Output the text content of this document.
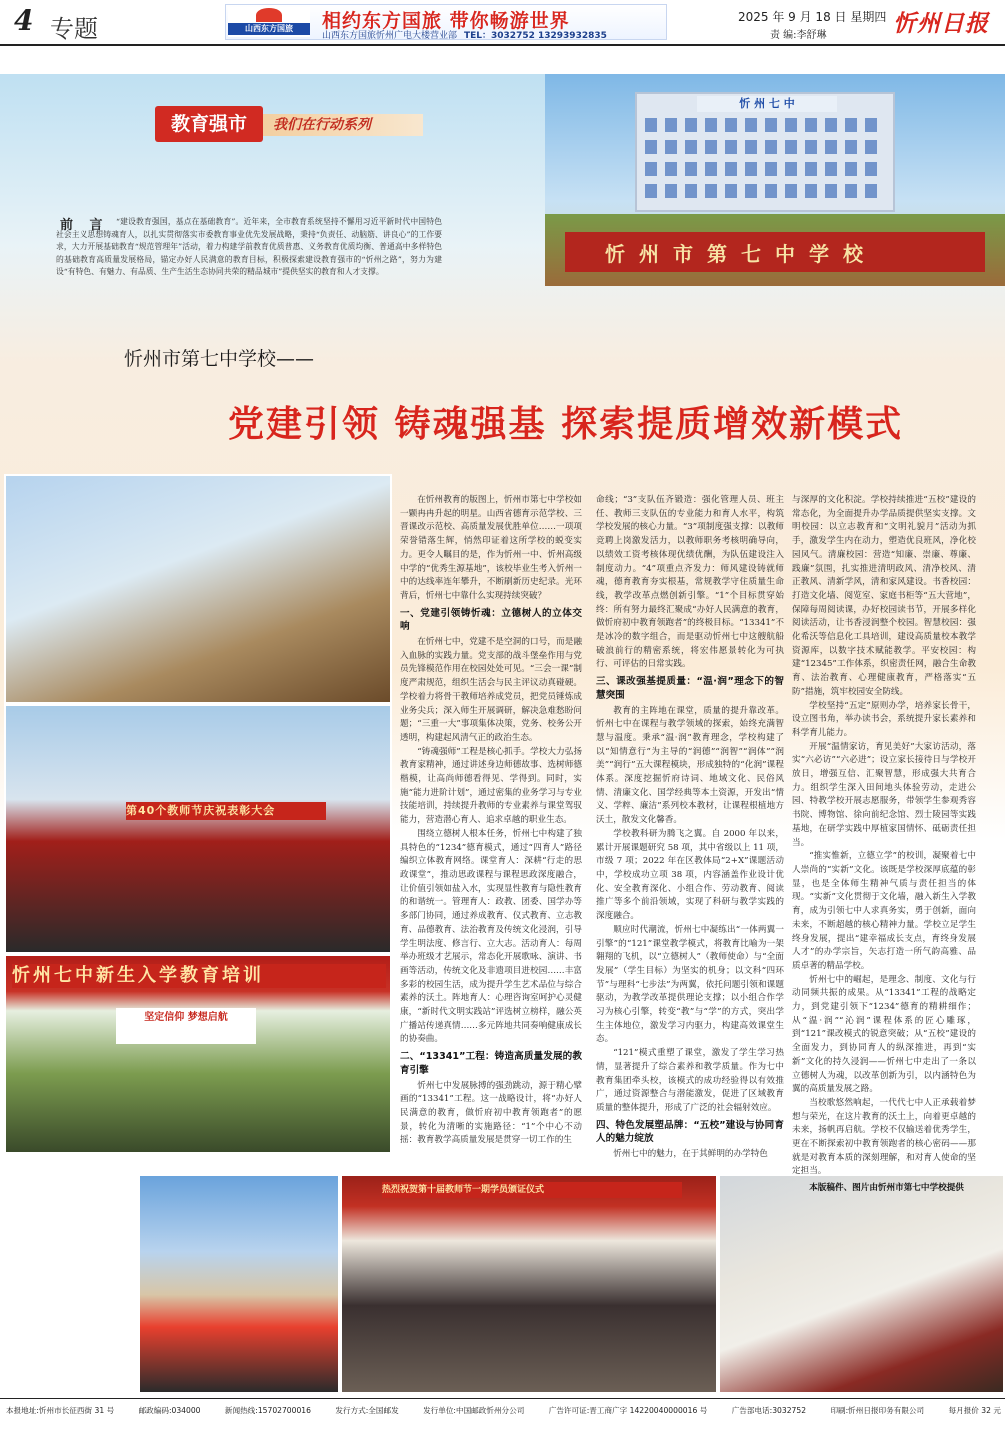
4 专题	山西东方国旅	相约东方国旅 带你畅游世界
山西东方国旅忻州广电大楼营业部 TEL：3032752 13293932835
2025 年 9 月 18 日 星期四
责 编:李舒琳	忻州日报
忻 州 七 中
忻州市第七中学校
教育强市	我们在行动系列
“建设教育强国，基点在基础教育”。近年来，全市教育系统坚持不懈用习近平新时代中国特色社会主义思想铸魂育人，以扎实贯彻落实市委教育事业优先发展战略，秉持“负责任、动脑筋、讲良心”的工作要求，大力开展基础教育“规范管理年”活动，着力构建学前教育优质普惠、义务教育优质均衡、普通高中多样特色的基础教育高质量发展格局，锚定办好人民满意的教育目标，积极探索建设教育强市的“忻州之路”，努力为建设“有特色、有魅力、有品质、生产生活生态协同共荣的精品城市”提供坚实的教育和人才支撑。
前 言
忻州市第七中学校——
党建引领 铸魂强基 探索提质增效新模式
第40个教师节庆祝表彰大会
忻州七中新生入学教育培训
坚定信仰 梦想启航
热烈祝贺第十届教师节一期学员颁证仪式

在忻州教育的版图上，忻州市第七中学校如一颗冉冉升起的明星。山西省德育示范学校、三晋课改示范校、高质量发展优胜单位……一项项荣誉错落生辉，悄然印证着这所学校的蜕变实力。更令人瞩目的是，作为忻州一中、忻州高级中学的“优秀生源基地”，该校毕业生考入忻州一中的达线率连年攀升，不断刷新历史纪录。光环背后，忻州七中靠什么实现持续突破？

一、党建引领铸忻魂：立德树人的立体交响

在忻州七中，党建不是空洞的口号，而是融入血脉的实践力量。党支部的战斗堡垒作用与党员先锋模范作用在校园处处可见。“三会一课”制度严肃规范，组织生活会与民主评议动真碰硬。学校着力将骨干教师培养成党员，把党员锤炼成业务尖兵；深入师生开展调研，解决急难愁盼问题；“三重一大”事项集体决策，党务、校务公开透明，构建起风清气正的政治生态。

“铸魂强师”工程是核心抓手。学校大力弘扬教育家精神，通过讲述身边师德故事、选树师德楷模，让高尚师德看得见、学得到。同时，实施“能力进阶计划”，通过密集的业务学习与专业技能培训，持续提升教师的专业素养与课堂驾驭能力，营造潜心育人、追求卓越的职业生态。

围绕立德树人根本任务，忻州七中构建了独具特色的“1234”德育模式，通过“四育人”路径编织立体教育网络。课堂育人：深耕“行走的思政课堂”，推动思政课程与课程思政深度融合，让价值引领如盐入水，实现显性教育与隐性教育的和谐统一。管理育人：政教、团委、国学办等多部门协同，通过养成教育、仪式教育、立志教育、品德教育、法治教育及传统文化浸润，引导学生明法度、修言行、立大志。活动育人：每周举办班级才艺展示，常态化开展歌咏、演讲、书画等活动，传统文化及非遗项目进校园……丰富多彩的校园生活，成为提升学生艺术品位与综合素养的沃土。阵地育人：心理咨询室呵护心灵健康，“新时代文明实践站”评选树立榜样，融公英广播站传递真情……多元阵地共同奏响健康成长的协奏曲。

二、“13341”工程：铸造高质量发展的教育引擎

忻州七中发展脉搏的强劲跳动，源于精心擘画的“13341”工程。这一战略设计，将“办好人民满意的教育，做忻府初中教育领跑者”的愿景，转化为清晰的实施路径：“1”个中心不动摇：教育教学高质量发展是贯穿一切工作的生

命线；“3”支队伍齐锻造：强化管理人员、班主任、教师三支队伍的专业能力和育人水平，构筑学校发展的核心力量。“3”项制度强支撑：以教师竞聘上岗激发活力，以教师职务考核明确导向，以绩效工资考核体现优绩优酬，为队伍建设注入制度动力。“4”项重点齐发力：师风建设铸就师魂，德育教育夯实根基，常规教学守住质量生命线，教学改革点燃创新引擎。“1”个目标贯穿始终：所有努力最终汇聚成“办好人民满意的教育，做忻府初中教育领跑者”的终极目标。“13341”不是冰冷的数字组合，而是驱动忻州七中这艘航船破浪前行的精密系统，将宏伟愿景转化为可执行、可评估的日常实践。

三、课改强基提质量：“温·润”理念下的智慧突围

教育的主阵地在课堂，质量的提升靠改革。忻州七中在课程与教学领域的探索，始终充满智慧与温度。秉承“温·润”教育理念，学校构建了以“知情意行”为主导的“润德”“润智”“润体”“润美”“润行”五大课程模块，形成独特的“化润”课程体系。深度挖掘忻府诗词、地域文化、民俗风情、清廉文化、国学经典等本土资源，开发出“情义、学粹、廉洁”系列校本教材，让课程根植地方沃土，散发文化馨香。

学校教科研为腾飞之翼。自 2000 年以来，累计开展课题研究 58 项，其中省级以上 11 项，市级 7 项；2022 年在区教体局“2+X”课题活动中，学校成功立项 38 项，内容涵盖作业设计优化、安全教育深化、小组合作、劳动教育、阅读推广等多个前沿领域，实现了科研与教学实践的深度融合。

顺应时代潮流，忻州七中凝练出“一体两翼一引擎”的“121”课堂教学模式，将教育比喻为一架翱翔的飞机，以“立德树人”（教师使命）与“全面发展”（学生目标）为坚实的机身；以文科“四环节”与理科“七步法”为两翼，依托问题引领和课题驱动，为教学改革提供理论支撑；以小组合作学习为核心引擎，转变“教”与“学”的方式，突出学生主体地位，激发学习内驱力，构建高效课堂生态。

“121”模式重塑了课堂，激发了学生学习热情，显著提升了综合素养和教学质量。作为七中教育集团牵头校，该模式的成功经验得以有效推广，通过资源整合与潜能激发，促进了区域教育质量的整体提升，形成了广泛的社会辐射效应。

四、特色发展塑品牌：“五校”建设与协同育人的魅力绽放

忻州七中的魅力，在于其鲜明的办学特色

与深厚的文化积淀。学校持续推进“五校”建设的常态化，为全面提升办学品质提供坚实支撑。文明校园：以立志教育和“文明礼貌月”活动为抓手，激发学生内在动力，塑造优良班风，净化校园风气。清廉校园：营造“知廉、崇廉、尊廉、践廉”氛围，扎实推进清明政风、清净校风、清正教风、清新学风，清和家风建设。书香校园：打造文化墙、阅览室、家庭书柜等“五大营地”，保障每周阅读课，办好校园读书节，开展多样化阅读活动，让书香浸润整个校园。智慧校园：强化希沃等信息化工具培训，建设高质量校本教学资源库，以数字技术赋能教学。平安校园：构建“12345”工作体系，织密责任网，融合生命教育、法治教育、心理健康教育，严格落实“五防”措施，筑牢校园安全防线。

学校坚持“五定”原则办学，培养家长骨干，设立图书角，举办读书会，系统提升家长素养和科学育儿能力。

开展“温情家访，育见美好”大家访活动，落实“六必访”“六必进”；设立家长接待日与学校开放日，增强互信、汇聚智慧，形成强大共育合力。组织学生深入田间地头体验劳动，走进公园、特教学校开展志愿服务，带领学生参观秀容书院、博物馆、徐向前纪念馆、烈士陵园等实践基地，在研学实践中厚植家国情怀、砥砺责任担当。

“推实惟新，立德立学”的校训，凝聚着七中人崇尚的“实新”文化。该既是学校深厚底蕴的彰显，也是全体师生精神气质与责任担当的体现。“实新”文化贯彻于文化墙，融入新生入学教育，成为引领七中人求真务实，勇于创新，面向未来，不断超越的核心精神力量。学校立足学生终身发展，提出“建幸福成长支点，育终身发展人才”的办学宗旨，矢志打造一所气韵高雅、品质卓著的精品学校。

忻州七中的崛起，是理念、制度、文化与行动同频共振的成果。从“13341”工程的战略定力，到党建引领下“1234”德育的精耕细作；从“温·润”“沁润”课程体系的匠心雕琢，到“121”课改模式的锐意突破；从“五校”建设的全面发力，到协同育人的纵深推进，再到“实新”文化的持久浸润——忻州七中走出了一条以立德树人为魂，以改革创新为引，以内涵特色为翼的高质量发展之路。

当校歌悠然响起，一代代七中人正承载着梦想与荣光，在这片教育的沃土上，向着更卓越的未来，扬帆再启航。学校不仅输送着优秀学生，更在不断探索初中教育领跑者的核心密码——那就是对教育本质的深刻理解，和对育人使命的坚定担当。

本版稿件、图片由忻州市第七中学校提供

本报地址:忻州市长征西街 31 号	邮政编码:034000	新闻热线:15702700016	发行方式:全国邮发	发行单位:中国邮政忻州分公司	广告许可证:晋工商广字 14220040000016 号	广告部电话:3032752	印刷:忻州日报印务有限公司	每月报价 32 元
